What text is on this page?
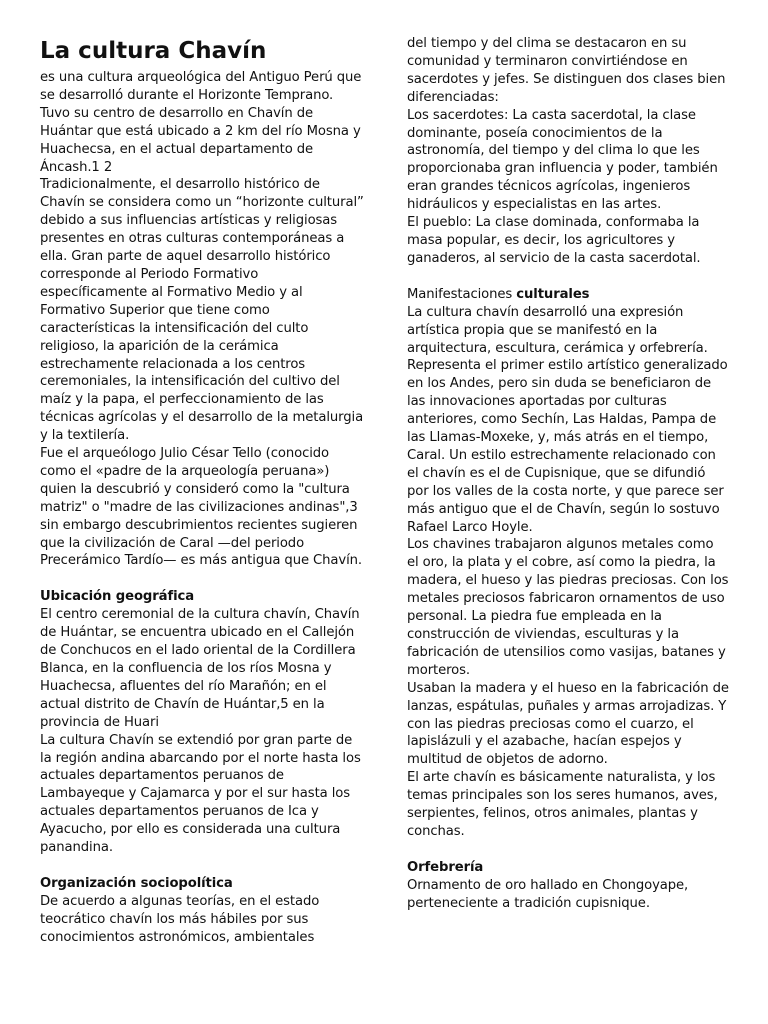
La cultura Chavín

es una cultura arqueológica del Antiguo Perú que se desarrolló durante el Horizonte Temprano. Tuvo su centro de desarrollo en Chavín de Huántar que está ubicado a 2 km del río Mosna y Huachecsa, en el actual departamento de Áncash.1 2

Tradicionalmente, el desarrollo histórico de Chavín se considera como un “horizonte cultural” debido a sus influencias artísticas y religiosas presentes en otras culturas contemporáneas a ella. Gran parte de aquel desarrollo histórico corresponde al Periodo Formativo específicamente al Formativo Medio y al Formativo Superior que tiene como características la intensificación del culto religioso, la aparición de la cerámica estrechamente relacionada a los centros ceremoniales, la intensificación del cultivo del maíz y la papa, el perfeccionamiento de las técnicas agrícolas y el desarrollo de la metalurgia y la textilería.

Fue el arqueólogo Julio César Tello (conocido como el «padre de la arqueología peruana») quien la descubrió y consideró como la "cultura matriz" o "madre de las civilizaciones andinas",3 sin embargo descubrimientos recientes sugieren que la civilización de Caral —del periodo Precerámico Tardío— es más antigua que Chavín.

Ubicación geográfica

El centro ceremonial de la cultura chavín, Chavín de Huántar, se encuentra ubicado en el Callejón de Conchucos en el lado oriental de la Cordillera Blanca, en la confluencia de los ríos Mosna y Huachecsa, afluentes del río Marañón; en el actual distrito de Chavín de Huántar,5 en la provincia de Huari

La cultura Chavín se extendió por gran parte de la región andina abarcando por el norte hasta los actuales departamentos peruanos de Lambayeque y Cajamarca y por el sur hasta los actuales departamentos peruanos de Ica y Ayacucho, por ello es considerada una cultura panandina.

Organización sociopolítica

De acuerdo a algunas teorías, en el estado teocrático chavín los más hábiles por sus conocimientos astronómicos, ambientales

del tiempo y del clima se destacaron en su comunidad y terminaron convirtiéndose en sacerdotes y jefes. Se distinguen dos clases bien diferenciadas:

Los sacerdotes: La casta sacerdotal, la clase dominante, poseía conocimientos de la astronomía, del tiempo y del clima lo que les proporcionaba gran influencia y poder, también eran grandes técnicos agrícolas, ingenieros hidráulicos y especialistas en las artes.

El pueblo: La clase dominada, conformaba la masa popular, es decir, los agricultores y ganaderos, al servicio de la casta sacerdotal.

Manifestaciones culturales

La cultura chavín desarrolló una expresión artística propia que se manifestó en la arquitectura, escultura, cerámica y orfebrería. Representa el primer estilo artístico generalizado en los Andes, pero sin duda se beneficiaron de las innovaciones aportadas por culturas anteriores, como Sechín, Las Haldas, Pampa de las Llamas-Moxeke, y, más atrás en el tiempo, Caral. Un estilo estrechamente relacionado con el chavín es el de Cupisnique, que se difundió por los valles de la costa norte, y que parece ser más antiguo que el de Chavín, según lo sostuvo Rafael Larco Hoyle.

Los chavines trabajaron algunos metales como el oro, la plata y el cobre, así como la piedra, la madera, el hueso y las piedras preciosas. Con los metales preciosos fabricaron ornamentos de uso personal. La piedra fue empleada en la construcción de viviendas, esculturas y la fabricación de utensilios como vasijas, batanes y morteros.

Usaban la madera y el hueso en la fabricación de lanzas, espátulas, puñales y armas arrojadizas. Y con las piedras preciosas como el cuarzo, el lapislázuli y el azabache, hacían espejos y multitud de objetos de adorno.

El arte chavín es básicamente naturalista, y los temas principales son los seres humanos, aves, serpientes, felinos, otros animales, plantas y conchas.

Orfebrería

Ornamento de oro hallado en Chongoyape, perteneciente a tradición cupisnique.
